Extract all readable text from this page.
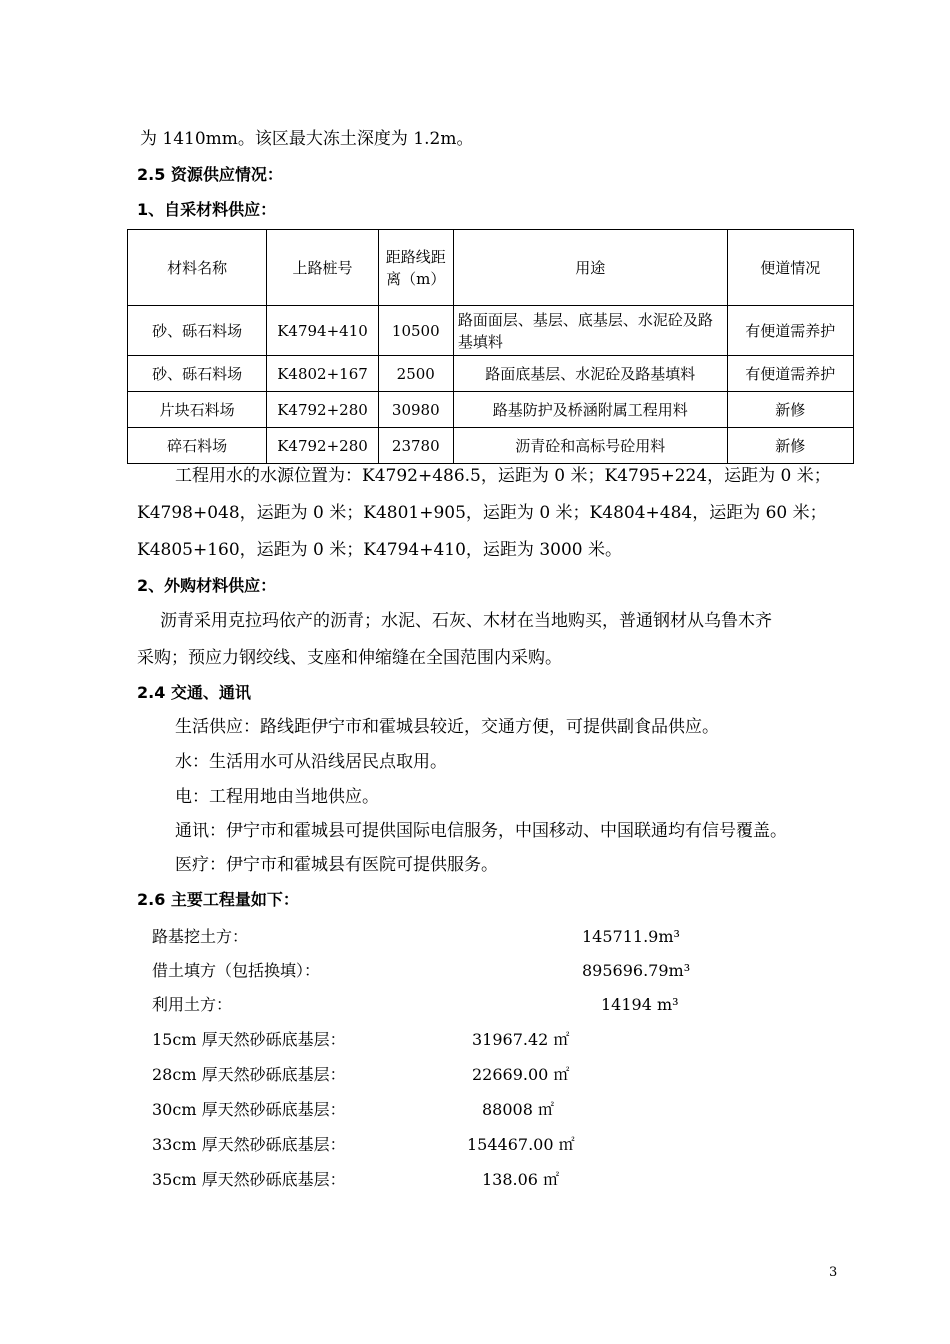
为 1410mm。该区最大冻土深度为 1.2m。
2.5 资源供应情况：
1、自采材料供应：
材料名称	上路桩号	距路线距离（m）	用途	便道情况
砂、砾石料场	K4794+410	10500	路面面层、基层、底基层、水泥砼及路基填料	有便道需养护
砂、砾石料场	K4802+167	2500	路面底基层、水泥砼及路基填料	有便道需养护
片块石料场	K4792+280	30980	路基防护及桥涵附属工程用料	新修
碎石料场	K4792+280	23780	沥青砼和高标号砼用料	新修
工程用水的水源位置为：K4792+486.5，运距为 0 米；K4795+224，运距为 0 米；
K4798+048，运距为 0 米；K4801+905，运距为 0 米；K4804+484，运距为 60 米；
K4805+160，运距为 0 米；K4794+410，运距为 3000 米。
2、外购材料供应：
沥青采用克拉玛依产的沥青；水泥、石灰、木材在当地购买，普通钢材从乌鲁木齐
采购；预应力钢绞线、支座和伸缩缝在全国范围内采购。
2.4 交通、通讯
生活供应：路线距伊宁市和霍城县较近，交通方便，可提供副食品供应。
水：生活用水可从沿线居民点取用。
电：工程用地由当地供应。
通讯：伊宁市和霍城县可提供国际电信服务，中国移动、中国联通均有信号覆盖。
医疗：伊宁市和霍城县有医院可提供服务。
2.6 主要工程量如下：
路基挖土方：	145711.9m³
借土填方（包括换填）：	895696.79m³
利用土方：	14194 m³
15cm 厚天然砂砾底基层：	31967.42 ㎡
28cm 厚天然砂砾底基层：	22669.00 ㎡
30cm 厚天然砂砾底基层：	88008 ㎡
33cm 厚天然砂砾底基层：	154467.00 ㎡
35cm 厚天然砂砾底基层：	138.06 ㎡
3
